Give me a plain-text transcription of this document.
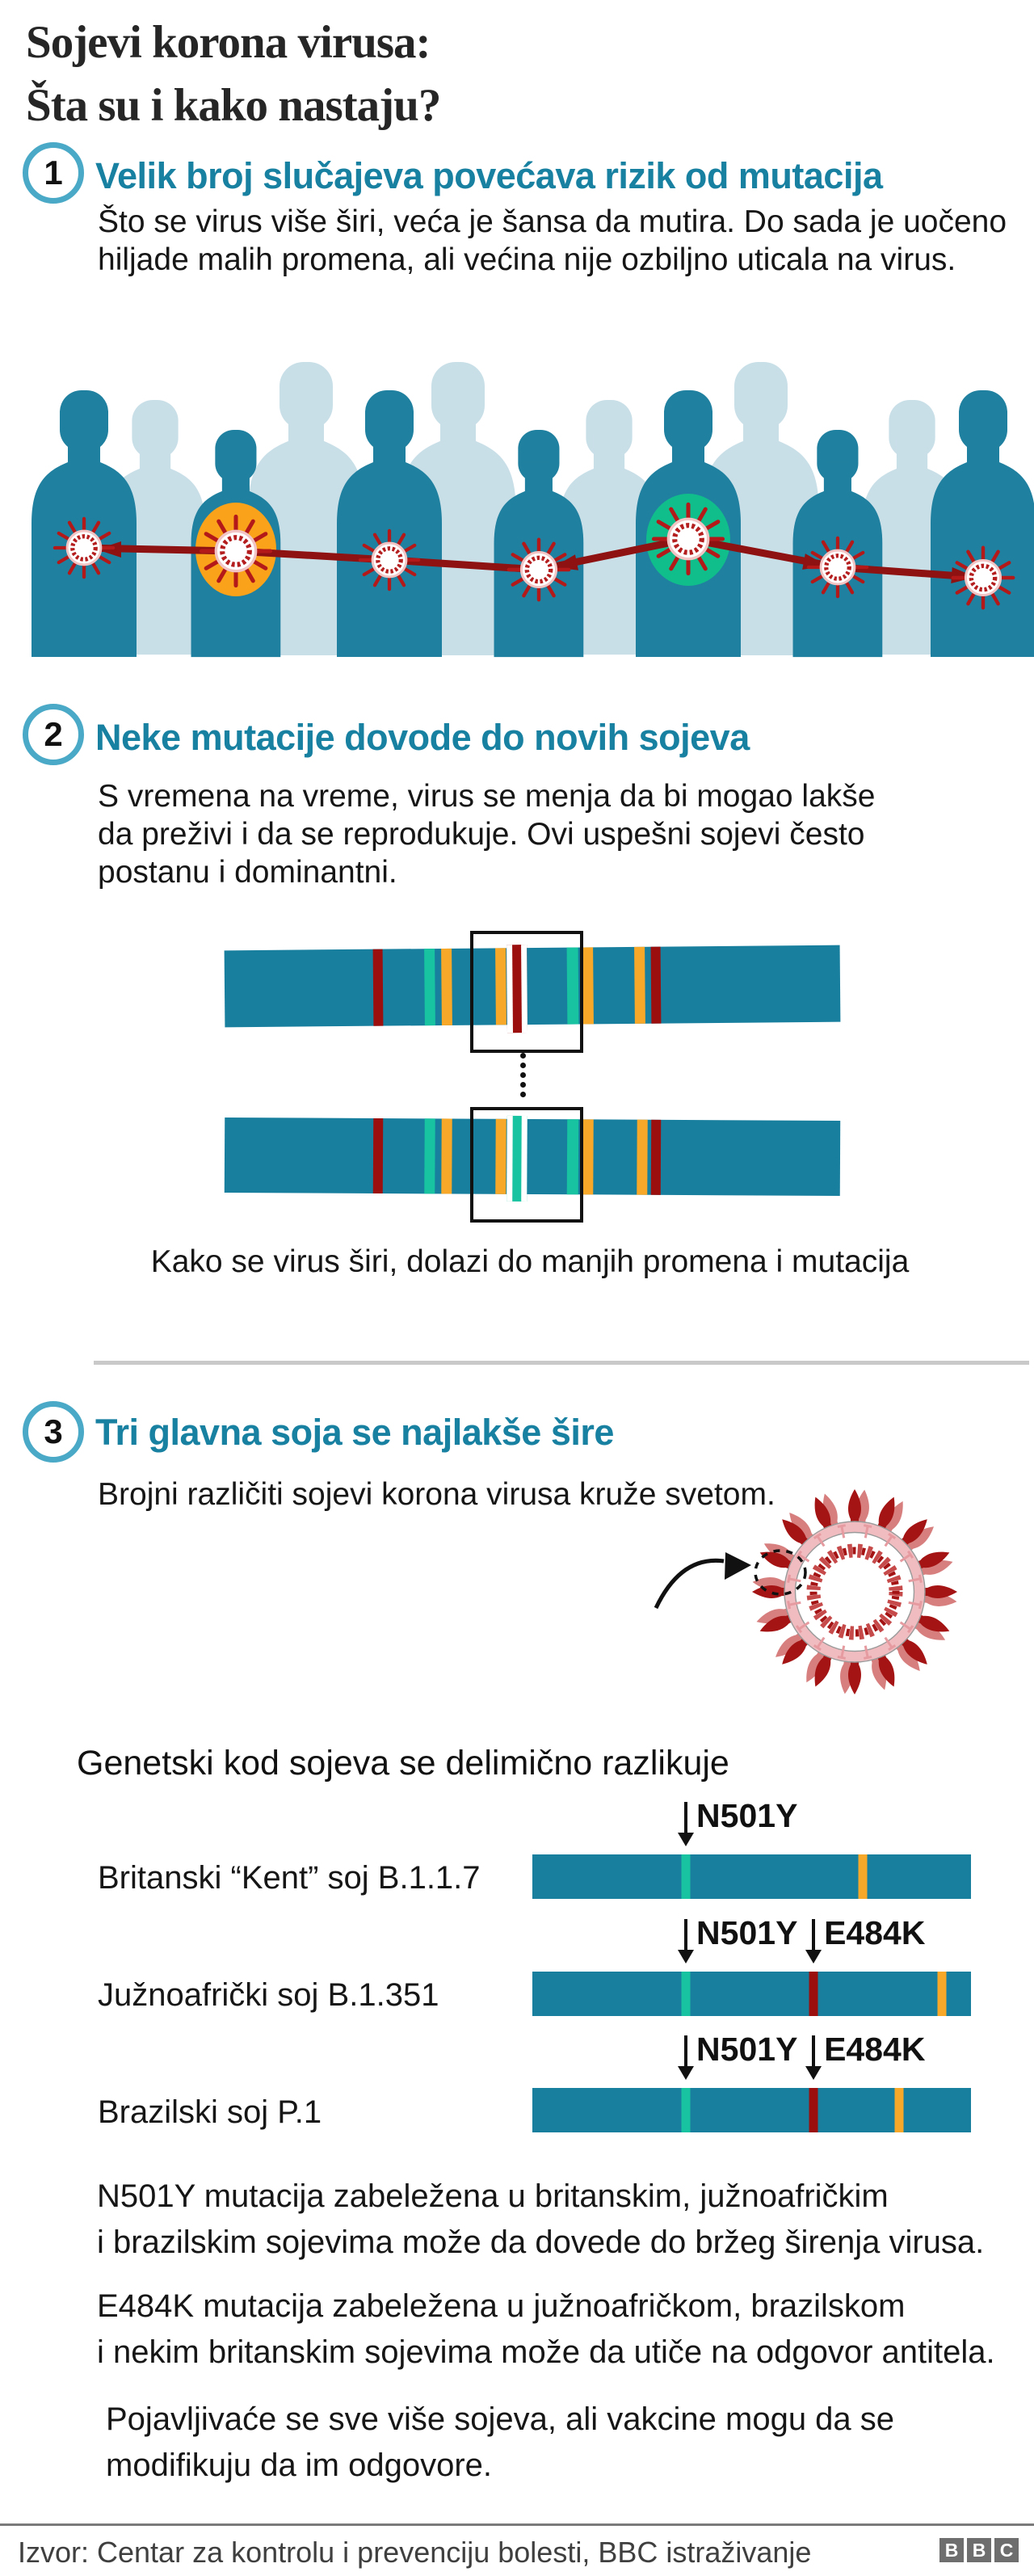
Sojevi korona virusa:
Šta su i kako nastaju?
1 Velik broj slučajeva povećava rizik od mutacija
Što se virus više širi, veća je šansa da mutira. Do sada je uočeno
hiljade malih promena, ali većina nije ozbiljno uticala na virus.
2 Neke mutacije dovode do novih sojeva
S vremena na vreme, virus se menja da bi mogao lakše
da preživi i da se reprodukuje. Ovi uspešni sojevi često
postanu i dominantni.
Kako se virus širi, dolazi do manjih promena i mutacija
3 Tri glavna soja se najlakše šire
Brojni različiti sojevi korona virusa kruže svetom.
Genetski kod sojeva se delimično razlikuje
N501Y
Britanski “Kent” soj B.1.1.7
N501Y E484K
Južnoafrički soj B.1.351
N501Y E484K
Brazilski soj P.1
N501Y mutacija zabeležena u britanskim, južnoafričkim
i brazilskim sojevima može da dovede do bržeg širenja virusa.
E484K mutacija zabeležena u južnoafričkom, brazilskom
i nekim britanskim sojevima može da utiče na odgovor antitela.
Pojavljivaće se sve više sojeva, ali vakcine mogu da se
modifikuju da im odgovore.
Izvor: Centar za kontrolu i prevenciju bolesti, BBC istraživanje	B B C
